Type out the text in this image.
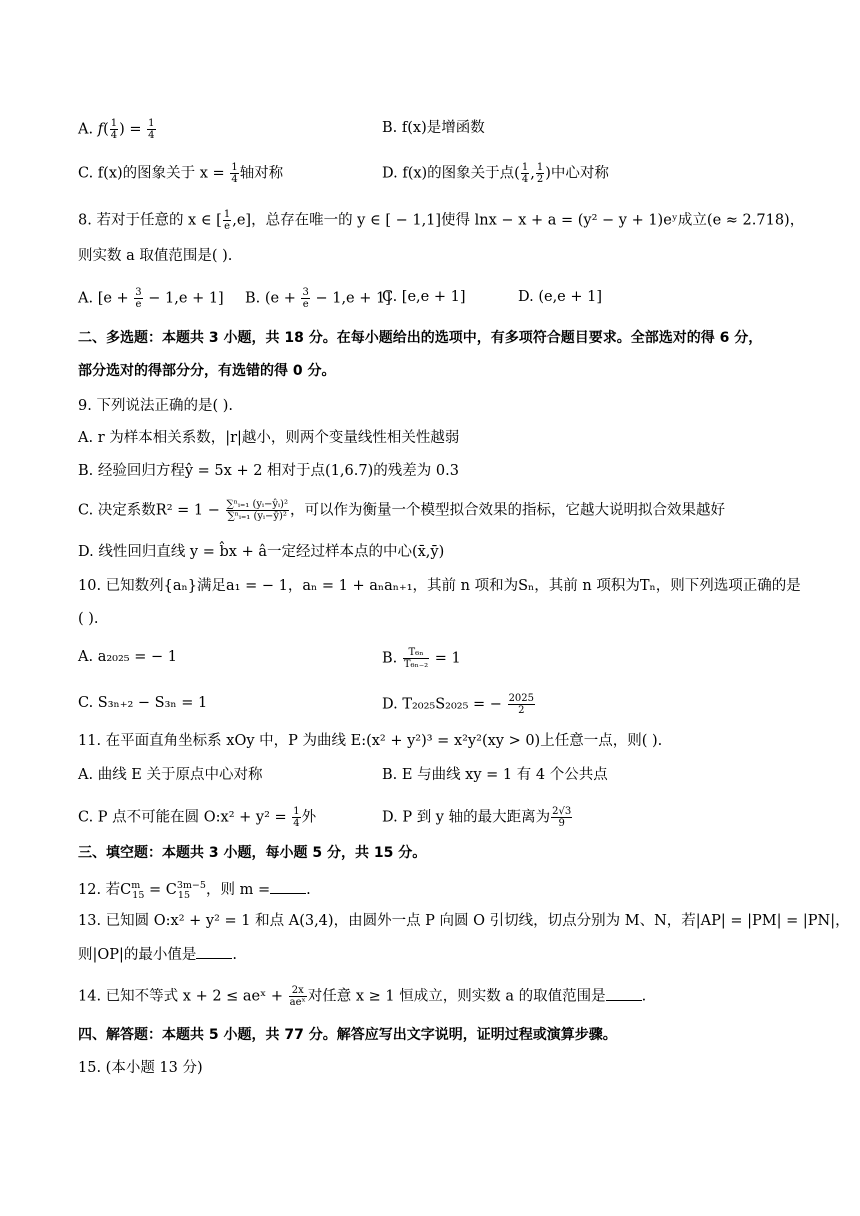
A. $f( \frac{1}{4}$ ) = $\frac{1}{4}$	B. f(x)是增函数
C. f(x)的图象关于 $x = \frac{1}{4}$ 轴对称	D. f(x)的图象关于点( $\frac{1}{4}$ , $\frac{1}{2}$ )中心对称
8. 若对于任意的 x ∈ [ $\frac{1}{e} ,e$]，总存在唯一的 y ∈ [ − 1,1]使得 lnx − x + a = (y² − y + 1)eʸ成立(e ≈ 2.718)，
则实数 a 取值范围是( ).
A. $[e + \frac{3}{e} - 1,e + 1]$ B. $(e + \frac{3}{e} - 1,e + 1]$
C. [e,e + 1]	D. (e,e + 1]
二、多选题：本题共 3 小题，共 18 分。在每小题给出的选项中，有多项符合题目要求。全部选对的得 6 分，
部分选对的得部分分，有选错的得 0 分。
9. 下列说法正确的是( ).
A. r 为样本相关系数，|r|越小，则两个变量线性相关性越弱
B. 经验回归方程ŷ = 5x + 2 相对于点(1,6.7)的残差为 0.3
C. 决定系数$R^2 = 1 - \frac{\text{∑ⁿᵢ₌₁ (yᵢ−ŷᵢ)²}}{\text{∑ⁿᵢ₌₁ (yᵢ−ȳ)²}}$ ，可以作为衡量一个模型拟合效果的指标，它越大说明拟合效果越好
D. 线性回归直线 y = b̂x + â一定经过样本点的中心(x̄,ȳ)
10. 已知数列{aₙ}满足a₁ = − 1，aₙ = 1 + aₙaₙ₊₁，其前 n 项和为Sₙ，其前 n 项积为Tₙ，则下列选项正确的是
( ).
A. a₂₀₂₅ = − 1	B. $\frac{\text{T₆ₙ}}{\text{T₆ₙ₋₂}} = 1$
C. S₃ₙ₊₂ − S₃ₙ = 1	D. T₂₀₂₅S₂₀₂₅ = − $\frac{2025}{2}$
11. 在平面直角坐标系 xOy 中，P 为曲线 E:(x² + y²)³ = x²y²(xy > 0)上任意一点，则( ).
A. 曲线 E 关于原点中心对称	B. E 与曲线 xy = 1 有 4 个公共点
C. P 点不可能在圆 O:x² + $y^2 = \frac{1}{4}$ 外	D. P 到 y 轴的最大距离为 $\frac{2√3}{9}$
三、填空题：本题共 3 小题，每小题 5 分，共 15 分。
12. 若$C^m_{15} = C^{3m-5}_{15}$ ，则 m = .
13. 已知圆 O:x² + y² = 1 和点 A(3,4)，由圆外一点 P 向圆 O 引切线，切点分别为 M、N，若|AP| = |PM| = |PN|，
则|OP|的最小值是 .
14. 已知不等式 x + 2 ≤ aeˣ + $\frac{2x}{\text{aeˣ}}$ 对任意 x ≥ 1 恒成立，则实数 a 的取值范围是 .
四、解答题：本题共 5 小题，共 77 分。解答应写出文字说明，证明过程或演算步骤。
15. (本小题 13 分)
